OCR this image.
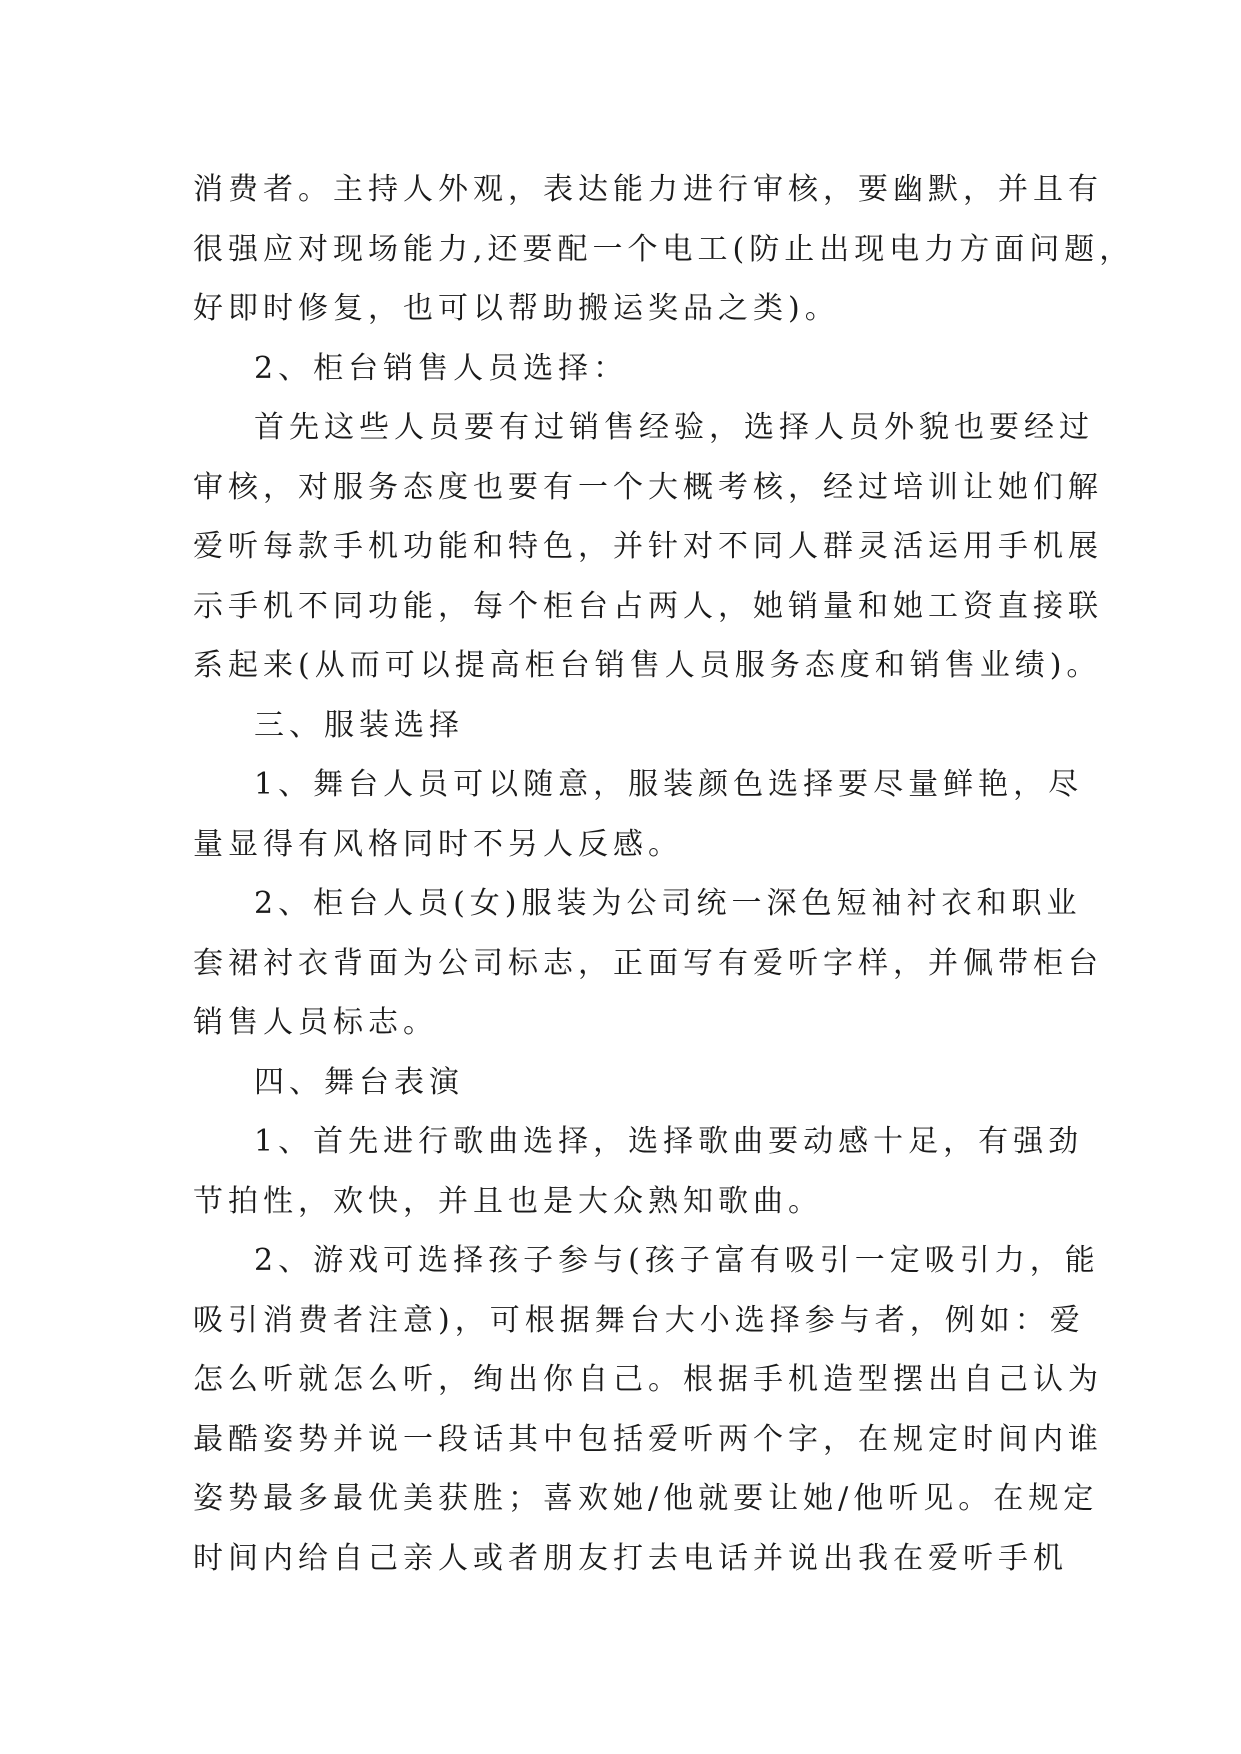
消费者。主持人外观，表达能力进行审核，要幽默，并且有
很强应对现场能力,还要配一个电工(防止出现电力方面问题，
好即时修复，也可以帮助搬运奖品之类)。
2、柜台销售人员选择：
首先这些人员要有过销售经验，选择人员外貌也要经过
审核，对服务态度也要有一个大概考核，经过培训让她们解
爱听每款手机功能和特色，并针对不同人群灵活运用手机展
示手机不同功能，每个柜台占两人，她销量和她工资直接联
系起来(从而可以提高柜台销售人员服务态度和销售业绩)。
三、服装选择
1、舞台人员可以随意，服装颜色选择要尽量鲜艳，尽
量显得有风格同时不另人反感。
2、柜台人员(女)服装为公司统一深色短袖衬衣和职业
套裙衬衣背面为公司标志，正面写有爱听字样，并佩带柜台
销售人员标志。
四、舞台表演
1、首先进行歌曲选择，选择歌曲要动感十足，有强劲
节拍性，欢快，并且也是大众熟知歌曲。
2、游戏可选择孩子参与(孩子富有吸引一定吸引力，能
吸引消费者注意)，可根据舞台大小选择参与者，例如：爱
怎么听就怎么听，绚出你自己。根据手机造型摆出自己认为
最酷姿势并说一段话其中包括爱听两个字，在规定时间内谁
姿势最多最优美获胜；喜欢她/他就要让她/他听见。在规定
时间内给自己亲人或者朋友打去电话并说出我在爱听手机
